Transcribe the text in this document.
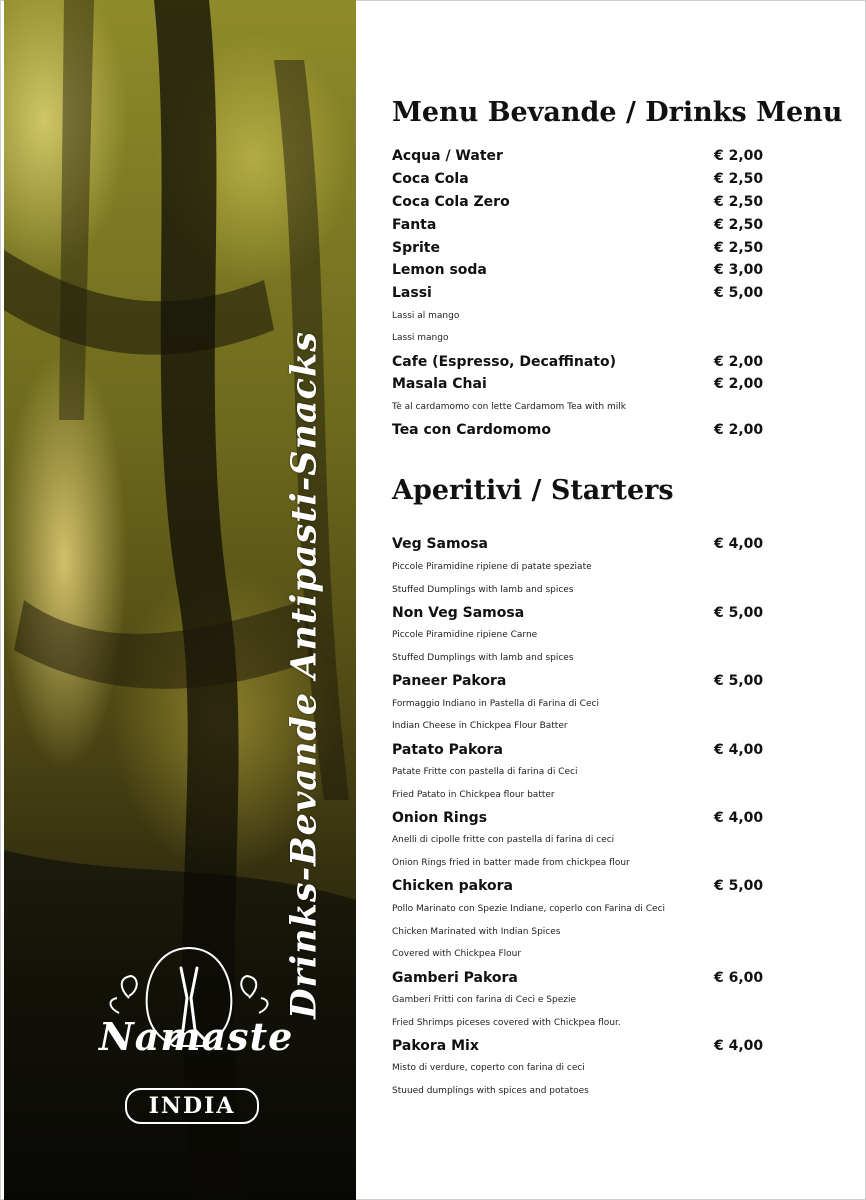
Drinks-Bevande Antipasti-Snacks
Namaste
INDIA
Menu Bevande / Drinks Menu
Acqua / Water	€ 2,00
Coca Cola	€ 2,50
Coca Cola Zero	€ 2,50
Fanta	€ 2,50
Sprite	€ 2,50
Lemon soda	€ 3,00
Lassi	€ 5,00
Lassi al mango
Lassi mango
Cafe (Espresso, Decaffinato)	€ 2,00
Masala Chai	€ 2,00
Tè al cardamomo con lette Cardamom Tea with milk
Tea con Cardomomo	€ 2,00
Aperitivi / Starters
Veg Samosa	€ 4,00
Piccole Piramidine ripiene di patate speziate
Stuffed Dumplings with lamb and spices
Non Veg Samosa	€ 5,00
Piccole Piramidine ripiene Carne
Stuffed Dumplings with lamb and spices
Paneer Pakora	€ 5,00
Formaggio Indiano in Pastella di Farina di Ceci
Indian Cheese in Chickpea Flour Batter
Patato Pakora	€ 4,00
Patate Fritte con pastella di farina di Ceci
Fried Patato in Chickpea flour batter
Onion Rings	€ 4,00
Anelli di cipolle fritte con pastella di farina di ceci
Onion Rings fried in batter made from chickpea flour
Chicken pakora	€ 5,00
Pollo Marinato con Spezie Indiane, coperlo con Farina di Ceci
Chicken Marinated with Indian Spices
Covered with Chickpea Flour
Gamberi Pakora	€ 6,00
Gamberi Fritti con farina di Ceci e Spezie
Fried Shrimps piceses covered with Chickpea flour.
Pakora Mix	€ 4,00
Misto di verdure, coperto con farina di ceci
Stuued dumplings with spices and potatoes
